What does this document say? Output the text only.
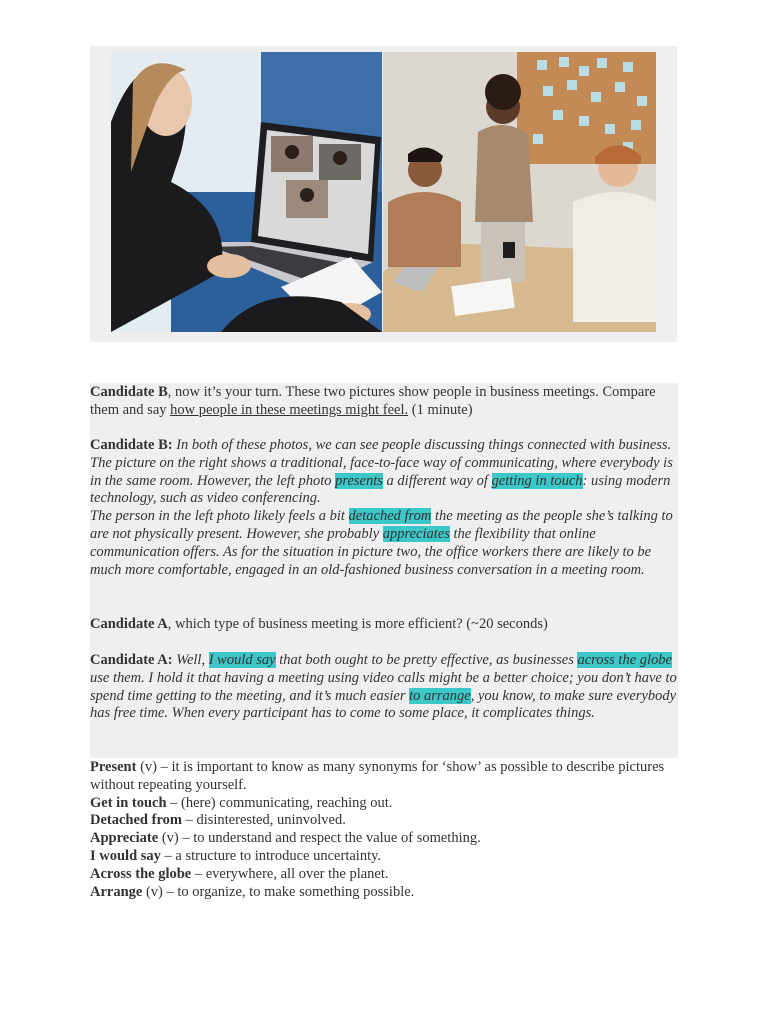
Candidate B, now it’s your turn. These two pictures show people in business meetings. Compare them and say how people in these meetings might feel. (1 minute)

Candidate B: In both of these photos, we can see people discussing things connected with business. The picture on the right shows a traditional, face-to-face way of communicating, where everybody is in the same room. However, the left photo presents a different way of getting in touch: using modern technology, such as video conferencing.
The person in the left photo likely feels a bit detached from the meeting as the people she’s talking to are not physically present. However, she probably appreciates the flexibility that online communication offers. As for the situation in picture two, the office workers there are likely to be much more comfortable, engaged in an old-fashioned business conversation in a meeting room.

Candidate A, which type of business meeting is more efficient? (~20 seconds)

Candidate A: Well, I would say that both ought to be pretty effective, as businesses across the globe use them. I hold it that having a meeting using video calls might be a better choice; you don’t have to spend time getting to the meeting, and it’s much easier to arrange, you know, to make sure everybody has free time. When every participant has to come to some place, it complicates things.

Present (v) – it is important to know as many synonyms for ‘show’ as possible to describe pictures without repeating yourself.
Get in touch – (here) communicating, reaching out.
Detached from – disinterested, uninvolved.
Appreciate (v) – to understand and respect the value of something.
I would say – a structure to introduce uncertainty.
Across the globe – everywhere, all over the planet.
Arrange (v) – to organize, to make something possible.
